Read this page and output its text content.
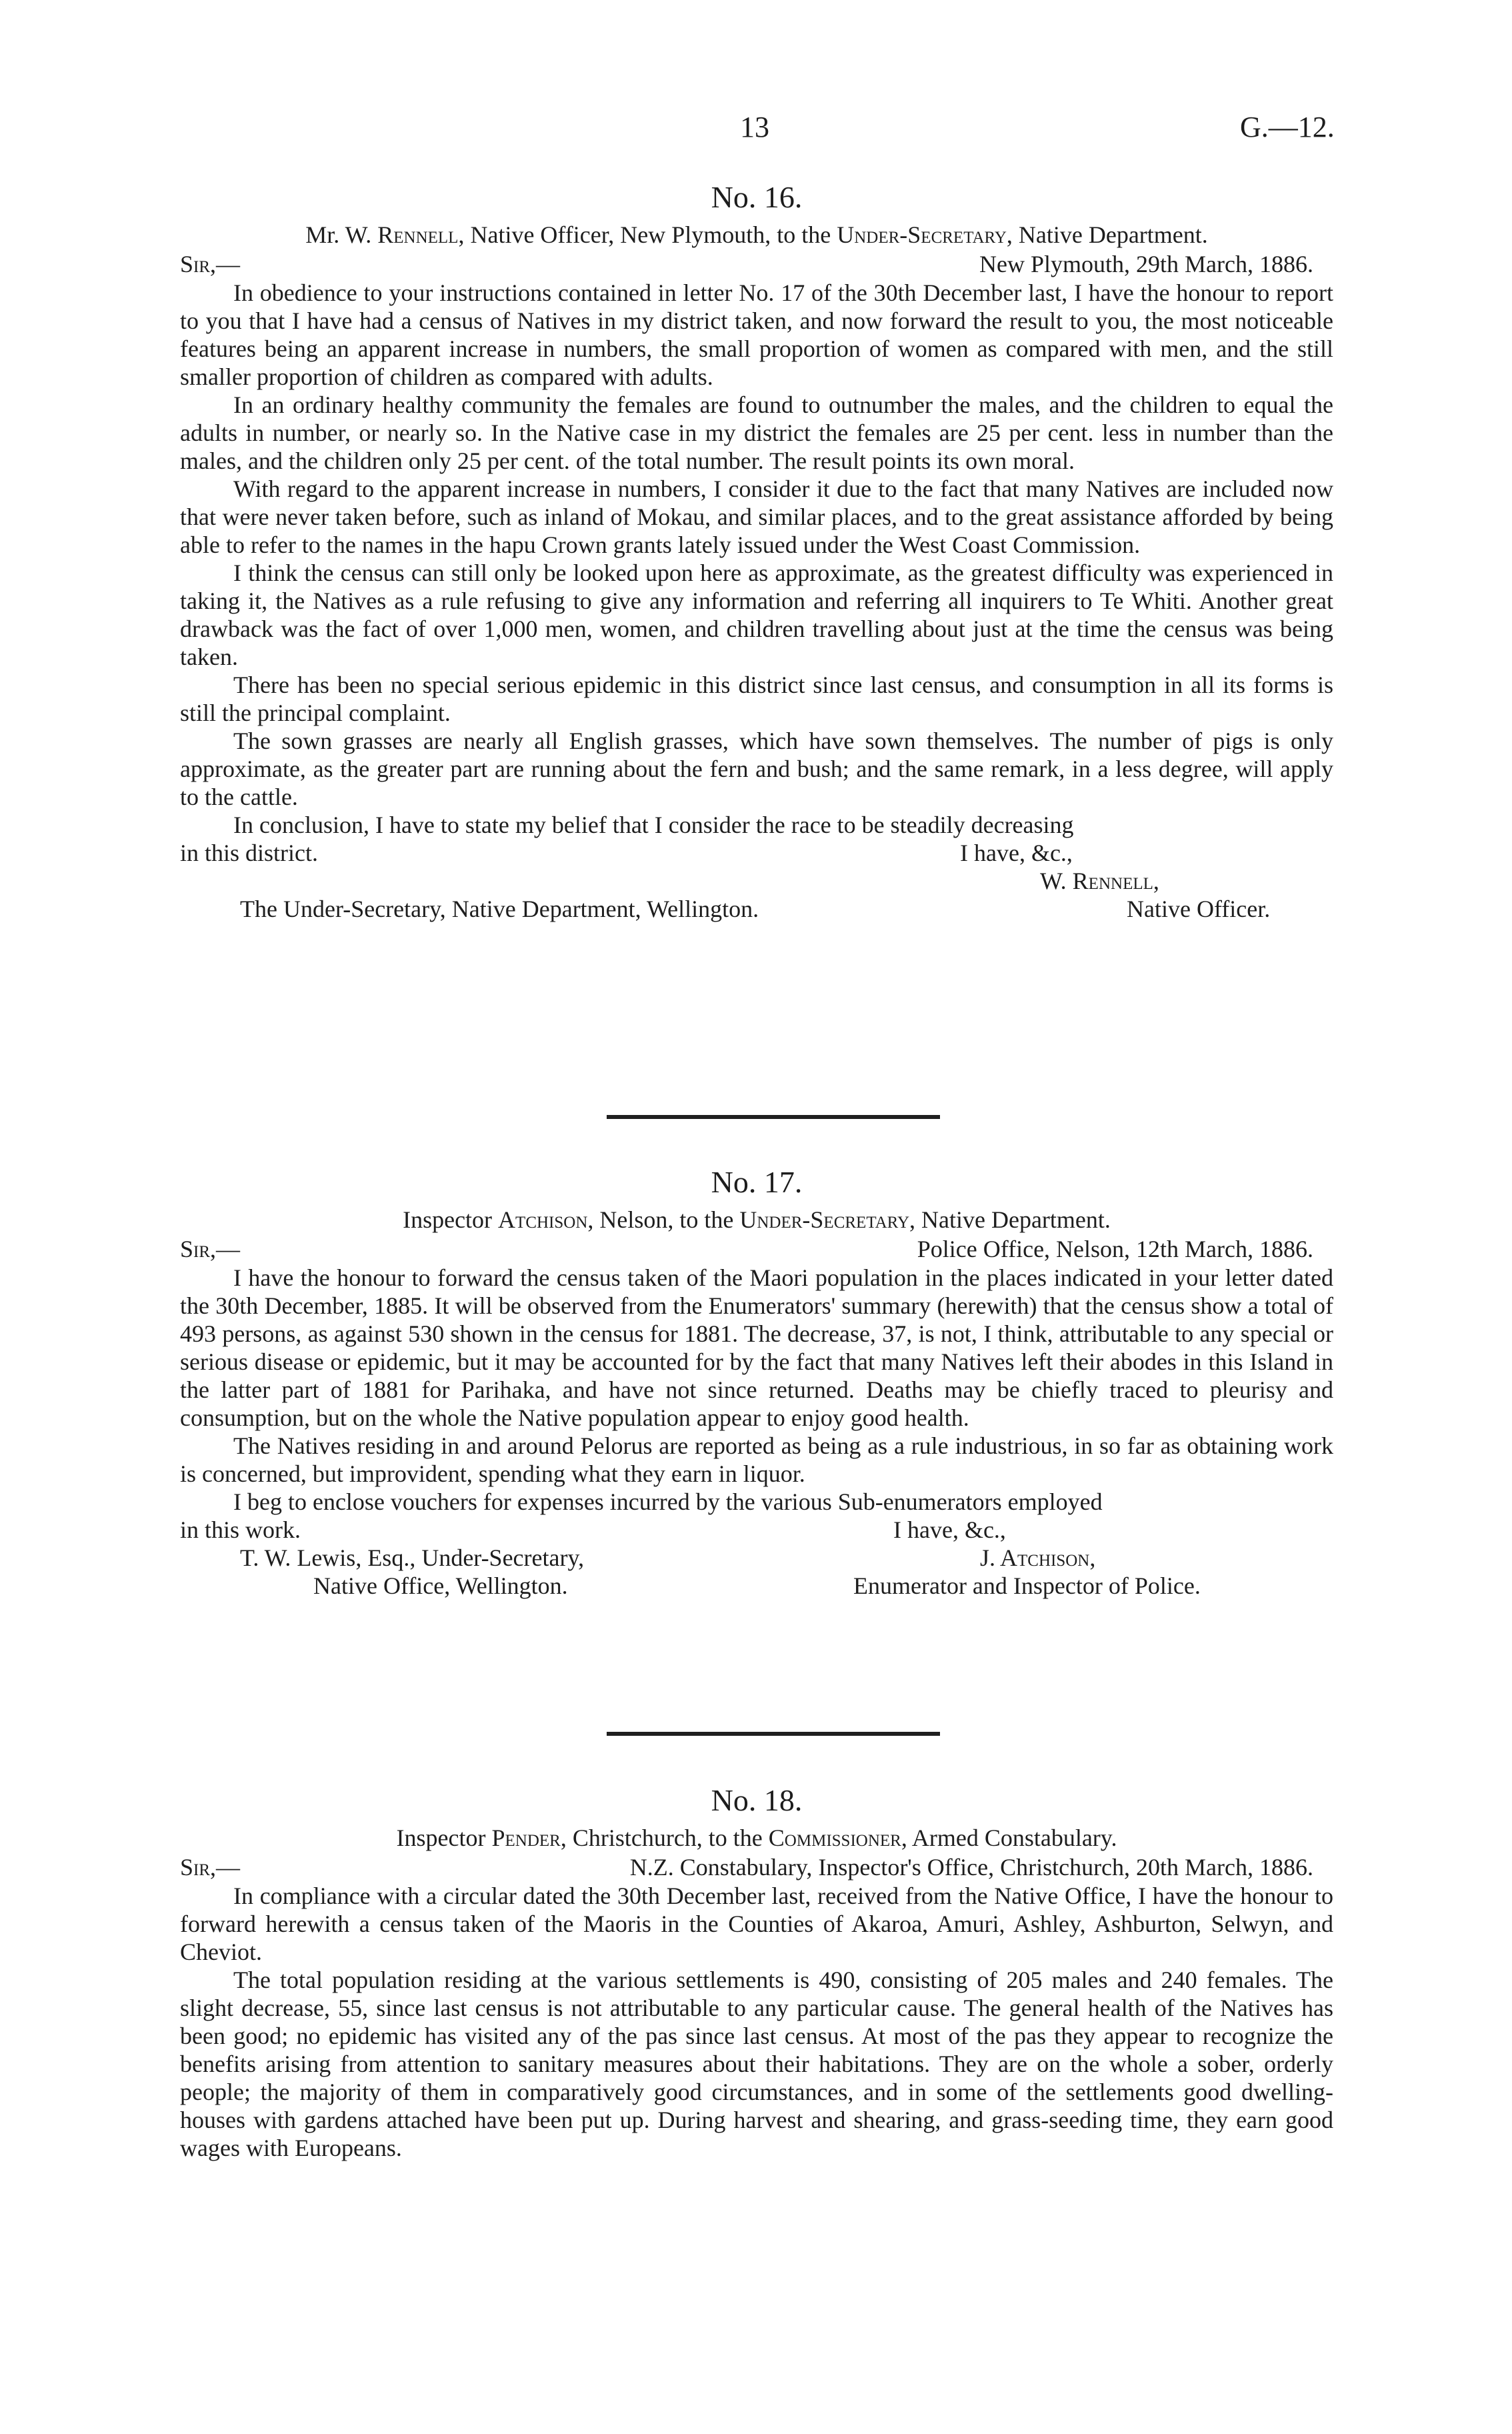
13	G.—12.
No. 16.
Mr. W. Rennell, Native Officer, New Plymouth, to the Under-Secretary, Native Department.
Sir,—	New Plymouth, 29th March, 1886.

In obedience to your instructions contained in letter No. 17 of the 30th December last, I have the honour to report to you that I have had a census of Natives in my district taken, and now forward the result to you, the most noticeable features being an apparent increase in numbers, the small proportion of women as compared with men, and the still smaller proportion of children as compared with adults.

In an ordinary healthy community the females are found to outnumber the males, and the children to equal the adults in number, or nearly so. In the Native case in my district the females are 25 per cent. less in number than the males, and the children only 25 per cent. of the total number. The result points its own moral.

With regard to the apparent increase in numbers, I consider it due to the fact that many Natives are included now that were never taken before, such as inland of Mokau, and similar places, and to the great assistance afforded by being able to refer to the names in the hapu Crown grants lately issued under the West Coast Commission.

I think the census can still only be looked upon here as approximate, as the greatest difficulty was experienced in taking it, the Natives as a rule refusing to give any information and referring all inquirers to Te Whiti. Another great drawback was the fact of over 1,000 men, women, and children travelling about just at the time the census was being taken.

There has been no special serious epidemic in this district since last census, and consumption in all its forms is still the principal complaint.

The sown grasses are nearly all English grasses, which have sown themselves. The number of pigs is only approximate, as the greater part are running about the fern and bush; and the same remark, in a less degree, will apply to the cattle.

In conclusion, I have to state my belief that I consider the race to be steadily decreasing

in this district.	I have, &c.,
W. Rennell,
The Under-Secretary, Native Department, Wellington.	Native Officer.
No. 17.
Inspector Atchison, Nelson, to the Under-Secretary, Native Department.
Sir,—	Police Office, Nelson, 12th March, 1886.

I have the honour to forward the census taken of the Maori population in the places indicated in your letter dated the 30th December, 1885. It will be observed from the Enumerators' summary (herewith) that the census show a total of 493 persons, as against 530 shown in the census for 1881. The decrease, 37, is not, I think, attributable to any special or serious disease or epidemic, but it may be accounted for by the fact that many Natives left their abodes in this Island in the latter part of 1881 for Parihaka, and have not since returned. Deaths may be chiefly traced to pleurisy and consumption, but on the whole the Native population appear to enjoy good health.

The Natives residing in and around Pelorus are reported as being as a rule industrious, in so far as obtaining work is concerned, but improvident, spending what they earn in liquor.

I beg to enclose vouchers for expenses incurred by the various Sub-enumerators employed

in this work.	I have, &c.,
T. W. Lewis, Esq., Under-Secretary,	J. Atchison,
Native Office, Wellington.	Enumerator and Inspector of Police.
No. 18.
Inspector Pender, Christchurch, to the Commissioner, Armed Constabulary.
Sir,—	N.Z. Constabulary, Inspector's Office, Christchurch, 20th March, 1886.

In compliance with a circular dated the 30th December last, received from the Native Office, I have the honour to forward herewith a census taken of the Maoris in the Counties of Akaroa, Amuri, Ashley, Ashburton, Selwyn, and Cheviot.

The total population residing at the various settlements is 490, consisting of 205 males and 240 females. The slight decrease, 55, since last census is not attributable to any particular cause. The general health of the Natives has been good; no epidemic has visited any of the pas since last census. At most of the pas they appear to recognize the benefits arising from attention to sanitary measures about their habitations. They are on the whole a sober, orderly people; the majority of them in comparatively good circumstances, and in some of the settlements good dwelling-houses with gardens attached have been put up. During harvest and shearing, and grass-seeding time, they earn good wages with Europeans.
